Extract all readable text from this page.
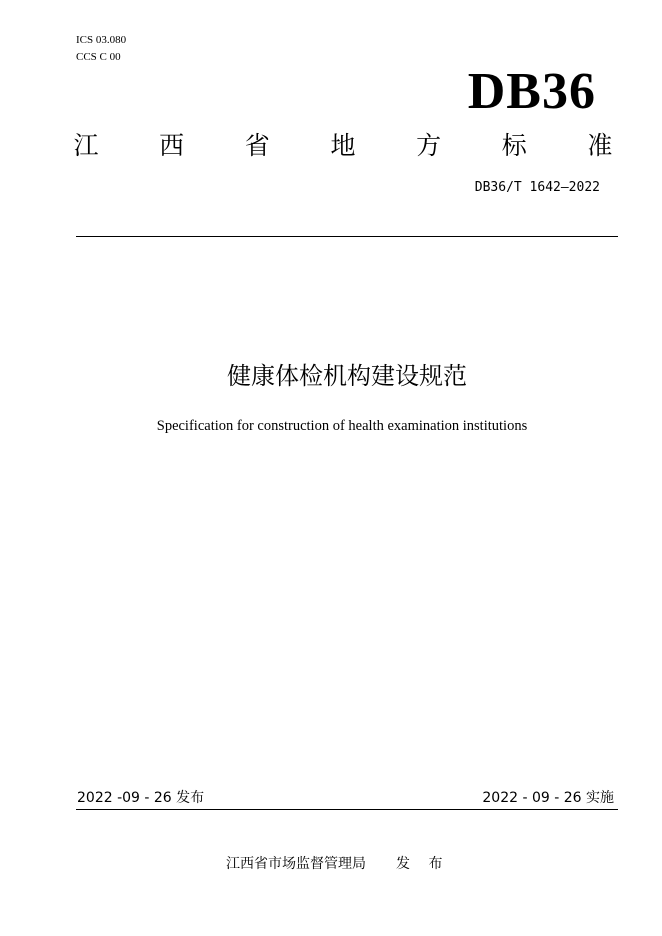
ICS 03.080
CCS C 00
DB36
江 西 省 地 方 标 准
DB36/T 1642—2022
健康体检机构建设规范
Specification for construction of health examination institutions
2022 -09 - 26 发布	2022 - 09 - 26 实施
江西省市场监督管理局 发 布
